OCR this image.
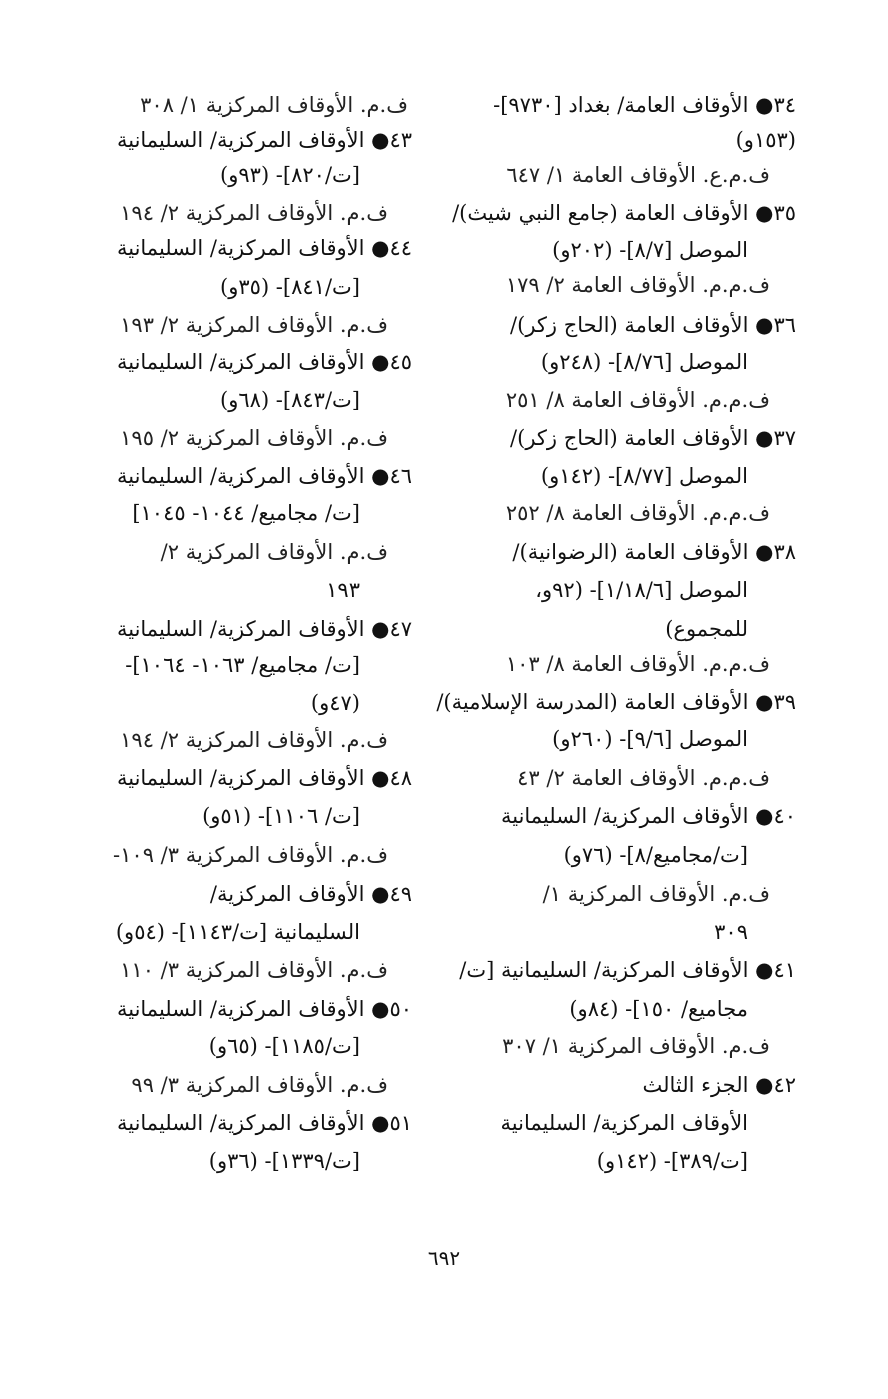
٣٤● الأوقاف العامة/ بغداد [٩٧٣٠]-
(١٥٣و)
ف.م.ع. الأوقاف العامة ١/ ٦٤٧
٣٥● الأوقاف العامة (جامع النبي شيث)/
الموصل [٨/٧]- (٢٠٢و)
ف.م.م. الأوقاف العامة ٢/ ١٧٩
٣٦● الأوقاف العامة (الحاج زكر)/
الموصل [٨/٧٦]- (٢٤٨و)
ف.م.م. الأوقاف العامة ٨/ ٢٥١
٣٧● الأوقاف العامة (الحاج زكر)/
الموصل [٨/٧٧]- (١٤٢و)
ف.م.م. الأوقاف العامة ٨/ ٢٥٢
٣٨● الأوقاف العامة (الرضوانية)/
الموصل [١/١٨/٦]- (٩٢و،
للمجموع)
ف.م.م. الأوقاف العامة ٨/ ١٠٣
٣٩● الأوقاف العامة (المدرسة الإسلامية)/
الموصل [٩/٦]- (٢٦٠و)
ف.م.م. الأوقاف العامة ٢/ ٤٣
٤٠● الأوقاف المركزية/ السليمانية
[ت/مجاميع/٨]- (٧٦و)
ف.م. الأوقاف المركزية ١/
٣٠٩
٤١● الأوقاف المركزية/ السليمانية [ت/
مجاميع/ ١٥٠]- (٨٤و)
ف.م. الأوقاف المركزية ١/ ٣٠٧
٤٢● الجزء الثالث
الأوقاف المركزية/ السليمانية
[ت/٣٨٩]- (١٤٢و)
ف.م. الأوقاف المركزية ١/ ٣٠٨
٤٣● الأوقاف المركزية/ السليمانية
[ت/٨٢٠]- (٩٣و)
ف.م. الأوقاف المركزية ٢/ ١٩٤
٤٤● الأوقاف المركزية/ السليمانية
[ت/٨٤١]- (٣٥و)
ف.م. الأوقاف المركزية ٢/ ١٩٣
٤٥● الأوقاف المركزية/ السليمانية
[ت/٨٤٣]- (٦٨و)
ف.م. الأوقاف المركزية ٢/ ١٩٥
٤٦● الأوقاف المركزية/ السليمانية
[ت/ مجاميع/ ١٠٤٤- ١٠٤٥]
ف.م. الأوقاف المركزية ٢/
١٩٣
٤٧● الأوقاف المركزية/ السليمانية
[ت/ مجاميع/ ١٠٦٣- ١٠٦٤]-
(٤٧و)
ف.م. الأوقاف المركزية ٢/ ١٩٤
٤٨● الأوقاف المركزية/ السليمانية
[ت/ ١١٠٦]- (٥١و)
ف.م. الأوقاف المركزية ٣/ ١٠٩-
٤٩● الأوقاف المركزية/
السليمانية [ت/١١٤٣]- (٥٤و)
ف.م. الأوقاف المركزية ٣/ ١١٠
٥٠● الأوقاف المركزية/ السليمانية
[ت/١١٨٥]- (٦٥و)
ف.م. الأوقاف المركزية ٣/ ٩٩
٥١● الأوقاف المركزية/ السليمانية
[ت/١٣٣٩]- (٣٦و)
٦٩٢
